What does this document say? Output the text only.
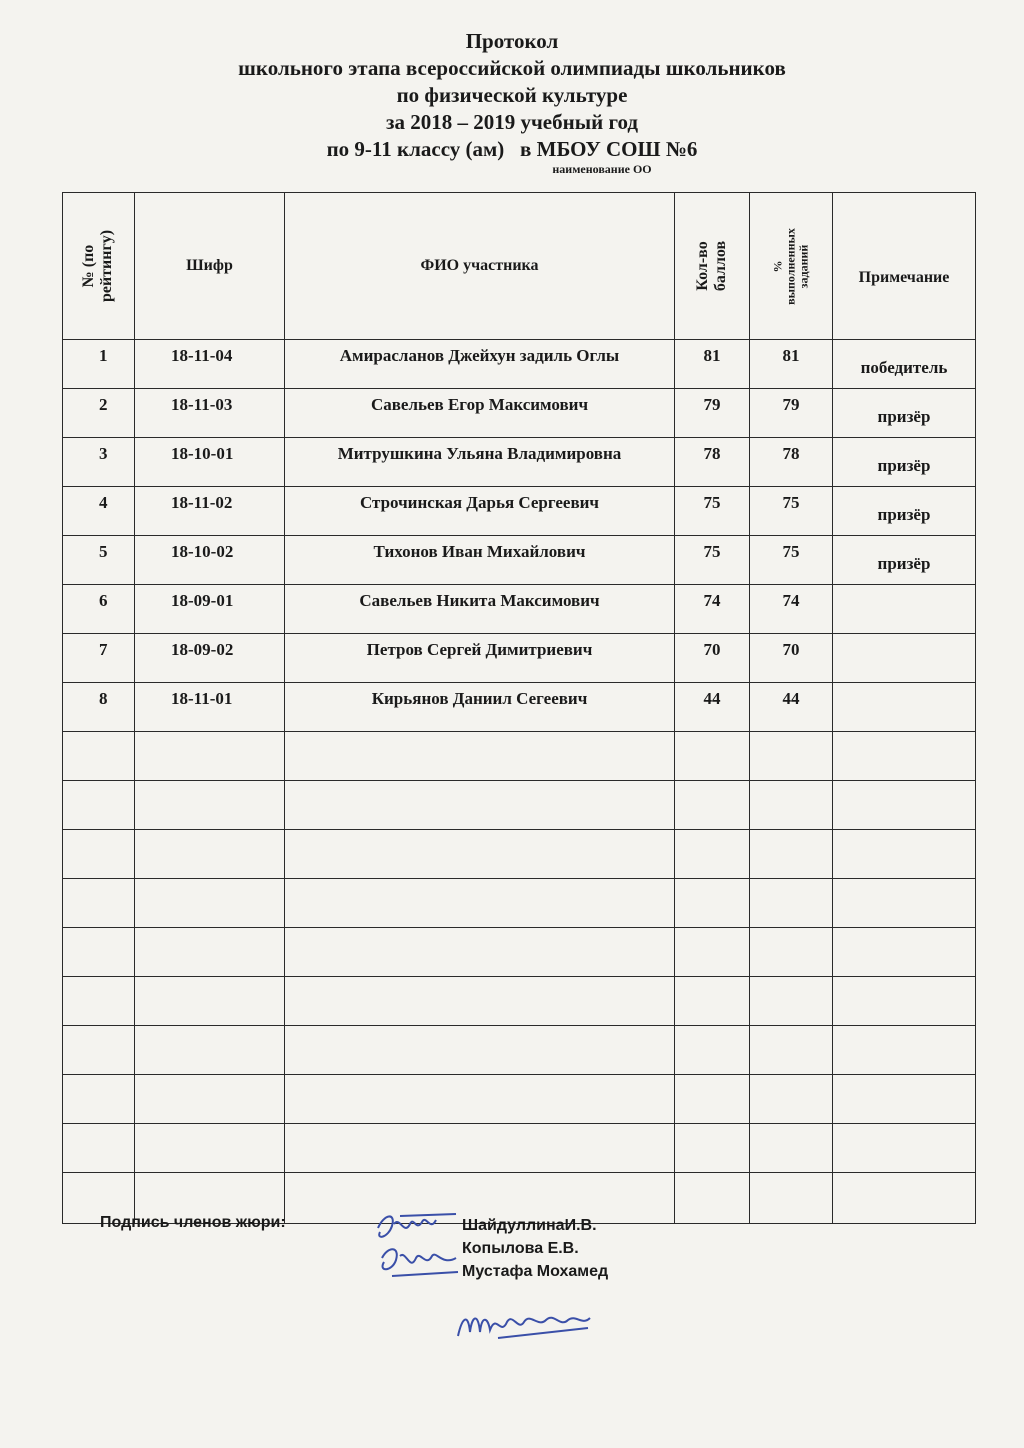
Протокол
школьного этапа всероссийской олимпиады школьников
по физической культуре
за 2018 – 2019 учебный год
по 9-11 классу (ам)   в МБОУ СОШ №6
наименование ОО
№ (по рейтингу)	Шифр	ФИО участника	Кол-во баллов	% выполненных заданий	Примечание

1	18-11-04	Амирасланов Джейхун задиль Оглы	81	81	победитель

2	18-11-03	Савельев Егор Максимович	79	79	призёр

3	18-10-01	Митрушкина Ульяна Владимировна	78	78	призёр

4	18-11-02	Строчинская Дарья Сергеевич	75	75	призёр

5	18-10-02	Тихонов Иван Михайлович	75	75	призёр

6	18-09-01	Савельев Никита Максимович	74	74	

7	18-09-02	Петров Сергей Димитриевич	70	70	

8	18-11-01	Кирьянов Даниил Сегеевич	44	44	

Подпись членов жюри:	ШайдуллинаИ.В.
Копылова Е.В.
Мустафа Мохамед
